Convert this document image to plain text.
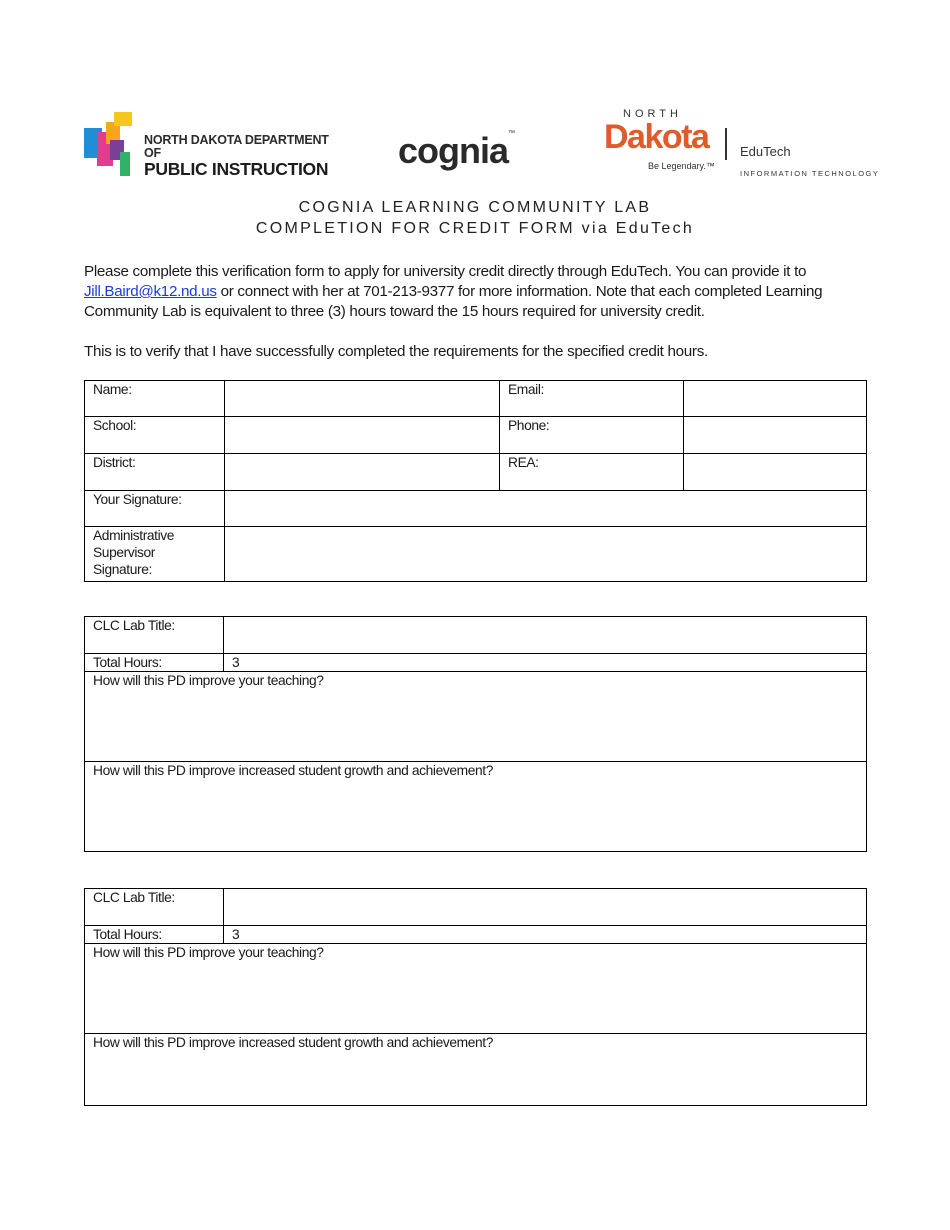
NORTH DAKOTA DEPARTMENT OF
PUBLIC INSTRUCTION	cognia™
NORTH
Dakota
Be Legendary.™
EduTech
INFORMATION TECHNOLOGY
COGNIA LEARNING COMMUNITY LAB
COMPLETION FOR CREDIT FORM via EduTech
Please complete this verification form to apply for university credit directly through EduTech. You can provide it to Jill.Baird@k12.nd.us or connect with her at 701-213-9377 for more information. Note that each completed Learning Community Lab is equivalent to three (3) hours toward the 15 hours required for university credit.
This is to verify that I have successfully completed the requirements for the specified credit hours.
Name:		Email:	
School:		Phone:	
District:		REA:	
Your Signature:			
Administrative
Supervisor
Signature:			
CLC Lab Title:	
Total Hours:	3
How will this PD improve your teaching?	
How will this PD improve increased student growth and achievement?	
CLC Lab Title:	
Total Hours:	3
How will this PD improve your teaching?	
How will this PD improve increased student growth and achievement?	
